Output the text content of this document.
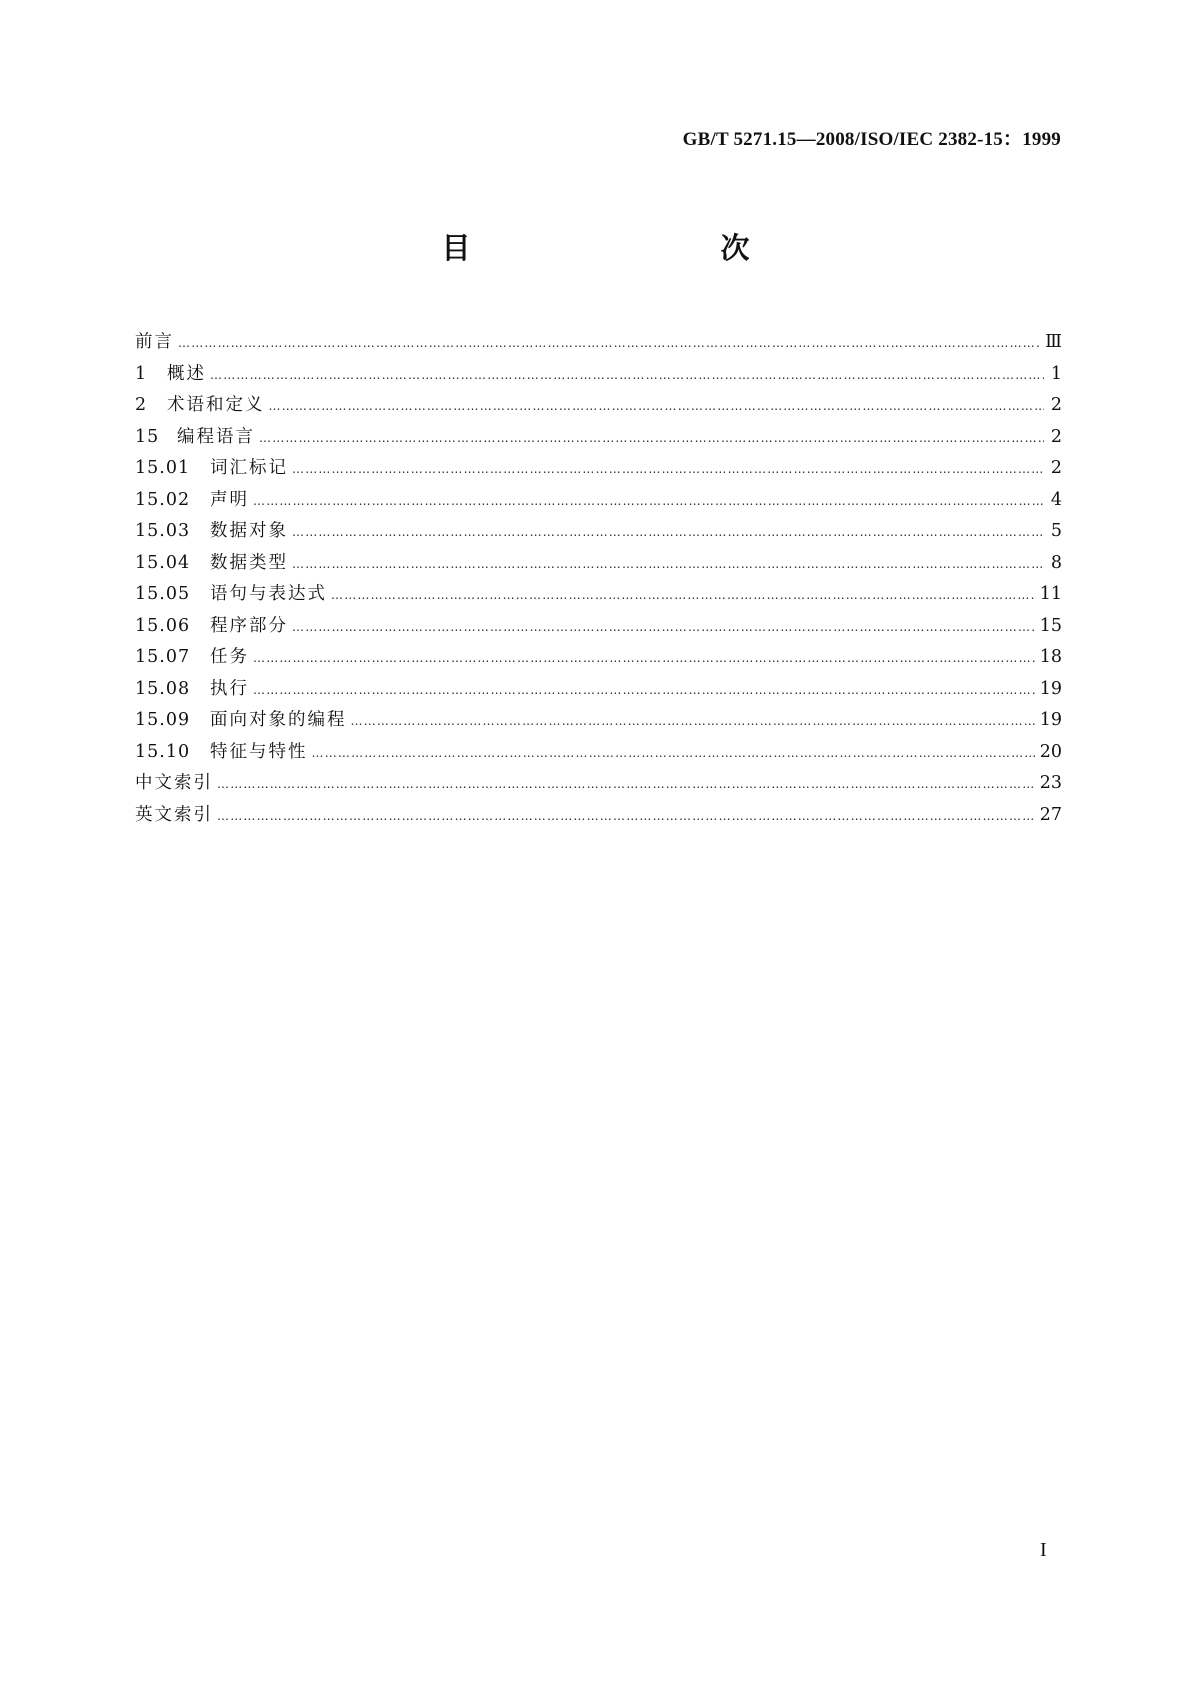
GB/T 5271.15—2008/ISO/IEC 2382-15：1999
目　　次
前言 …………………………………………………………………………………………………………………………………………………………………………………………	Ⅲ
1	概述 …………………………………………………………………………………………………………………………………………………………………………………………	1
2	术语和定义 …………………………………………………………………………………………………………………………………………………………………………………………	2
15	编程语言 …………………………………………………………………………………………………………………………………………………………………………………………	2
15.01	词汇标记 …………………………………………………………………………………………………………………………………………………………………………………………	2
15.02	声明 …………………………………………………………………………………………………………………………………………………………………………………………	4
15.03	数据对象 …………………………………………………………………………………………………………………………………………………………………………………………	5
15.04	数据类型 …………………………………………………………………………………………………………………………………………………………………………………………	8
15.05	语句与表达式 …………………………………………………………………………………………………………………………………………………………………………………………	11
15.06	程序部分 …………………………………………………………………………………………………………………………………………………………………………………………	15
15.07	任务 …………………………………………………………………………………………………………………………………………………………………………………………	18
15.08	执行 …………………………………………………………………………………………………………………………………………………………………………………………	19
15.09	面向对象的编程 …………………………………………………………………………………………………………………………………………………………………………………………	19
15.10	特征与特性 …………………………………………………………………………………………………………………………………………………………………………………………	20
中文索引 …………………………………………………………………………………………………………………………………………………………………………………………	23
英文索引 …………………………………………………………………………………………………………………………………………………………………………………………	27
I
